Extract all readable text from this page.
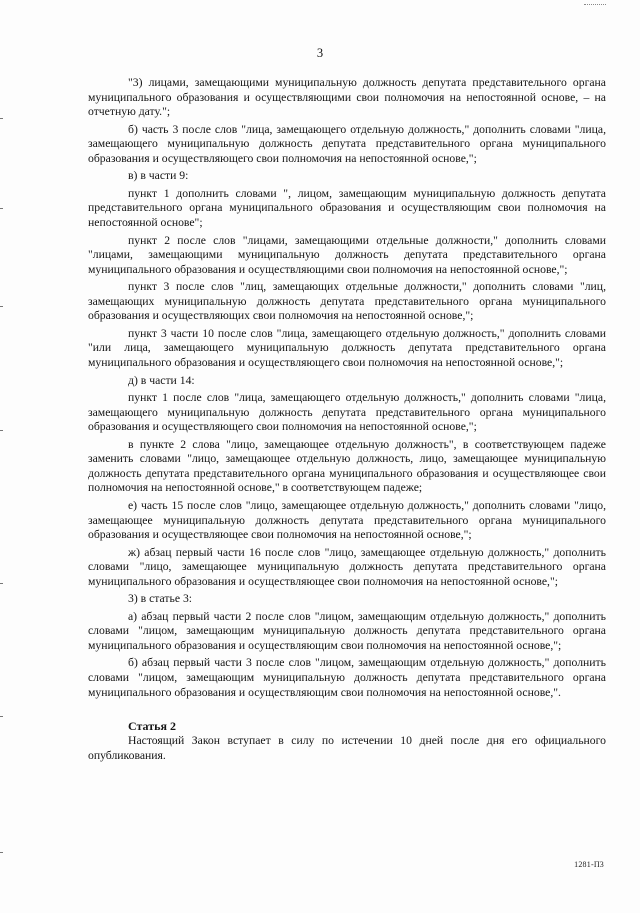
3

"3) лицами, замещающими муниципальную должность депутата представительного органа муниципального образования и осуществляющими свои полномочия на непостоянной основе, – на отчетную дату.";

б) часть 3 после слов "лица, замещающего отдельную должность," дополнить словами "лица, замещающего муниципальную должность депутата представительного органа муниципального образования и осуществляющего свои полномочия на непостоянной основе,";

в) в части 9:

пункт 1 дополнить словами ", лицом, замещающим муниципальную должность депутата представительного органа муниципального образования и осуществляющим свои полномочия на непостоянной основе";

пункт 2 после слов "лицами, замещающими отдельные должности," дополнить словами "лицами, замещающими муниципальную должность депутата представительного органа муниципального образования и осуществляющими свои полномочия на непостоянной основе,";

пункт 3 после слов "лиц, замещающих отдельные должности," дополнить словами "лиц, замещающих муниципальную должность депутата представительного органа муниципального образования и осуществляющих свои полномочия на непостоянной основе,";

пункт 3 части 10 после слов "лица, замещающего отдельную должность," дополнить словами "или лица, замещающего муниципальную должность депутата представительного органа муниципального образования и осуществляющего свои полномочия на непостоянной основе,";

д) в части 14:

пункт 1 после слов "лица, замещающего отдельную должность," дополнить словами "лица, замещающего муниципальную должность депутата представительного органа муниципального образования и осуществляющего свои полномочия на непостоянной основе,";

в пункте 2 слова "лицо, замещающее отдельную должность", в соответствующем падеже заменить словами "лицо, замещающее отдельную должность, лицо, замещающее муниципальную должность депутата представительного органа муниципального образования и осуществляющее свои полномочия на непостоянной основе," в соответствующем падеже;

е) часть 15 после слов "лицо, замещающее отдельную должность," дополнить словами "лицо, замещающее муниципальную должность депутата представительного органа муниципального образования и осуществляющее свои полномочия на непостоянной основе,";

ж) абзац первый части 16 после слов "лицо, замещающее отдельную должность," дополнить словами "лицо, замещающее муниципальную должность депутата представительного органа муниципального образования и осуществляющее свои полномочия на непостоянной основе,";

3) в статье 3:

а) абзац первый части 2 после слов "лицом, замещающим отдельную должность," дополнить словами "лицом, замещающим муниципальную должность депутата представительного органа муниципального образования и осуществляющим свои полномочия на непостоянной основе,";

б) абзац первый части 3 после слов "лицом, замещающим отдельную должность," дополнить словами "лицом, замещающим муниципальную должность депутата представительного органа муниципального образования и осуществляющим свои полномочия на непостоянной основе,".

Статья 2

Настоящий Закон вступает в силу по истечении 10 дней после дня его официального опубликования.

1281-П3
